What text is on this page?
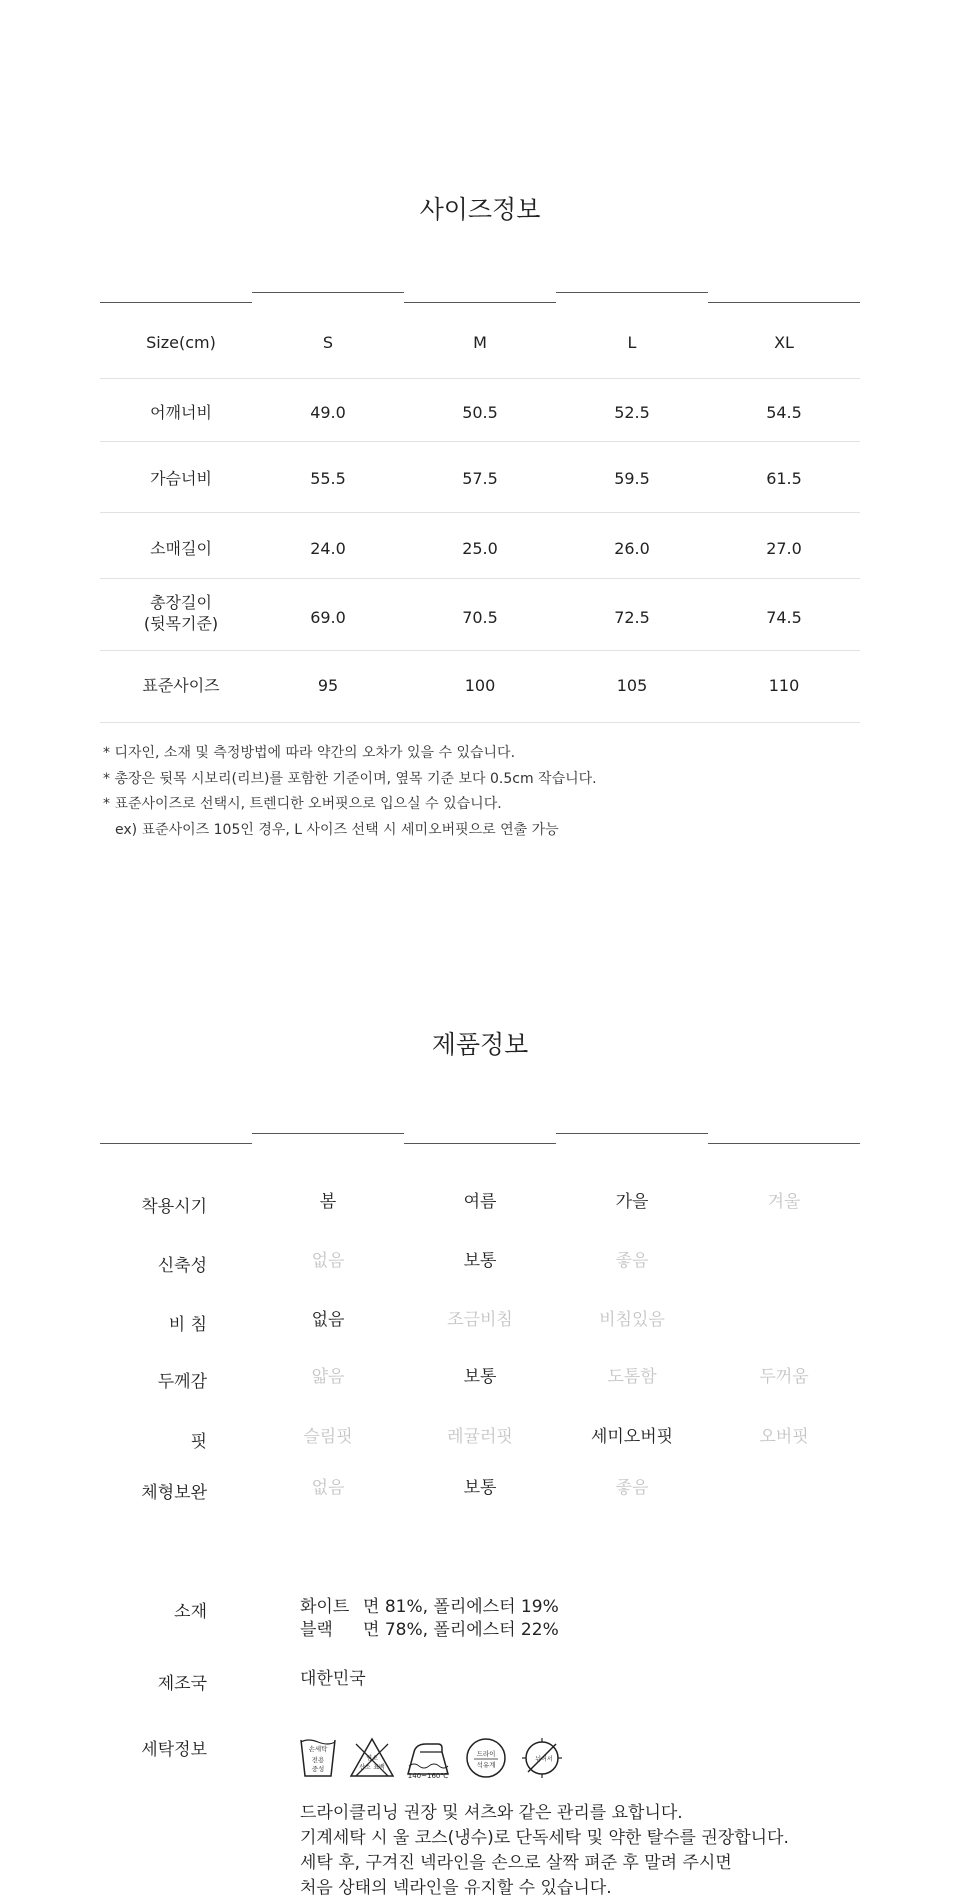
사이즈정보
Size(cm)	S	M	L	XL
어깨너비	49.0	50.5	52.5	54.5
가슴너비	55.5	57.5	59.5	61.5
소매길이	24.0	25.0	26.0	27.0
총장길이
(뒷목기준)	69.0	70.5	72.5	74.5
표준사이즈	95	100	105	110
* 디자인, 소재 및 측정방법에 따라 약간의 오차가 있을 수 있습니다.
* 총장은 뒷목 시보리(리브)를 포함한 기준이며, 옆목 기준 보다 0.5cm 작습니다.
* 표준사이즈로 선택시, 트렌디한 오버핏으로 입으실 수 있습니다.
ex) 표준사이즈 105인 경우, L 사이즈 선택 시 세미오버핏으로 연출 가능
제품정보
착용시기	봄	여름	가을	겨울
신축성	없음	보통	좋음
비 침	없음	조금비침	비침있음
두께감	얇음	보통	도톰함	두꺼움
핏	슬림핏	레귤러핏	세미오버핏	오버핏
체형보완	없음	보통	좋음
소재	화이트 면 81%, 폴리에스터 19%
블랙 면 78%, 폴리에스터 22%
제조국	대한민국
세탁정보	손세탁
전용
중성
염소
산소 표백
140~160℃
드라이
석유계
뉘어서
드라이클리닝 권장 및 셔츠와 같은 관리를 요합니다.
기계세탁 시 울 코스(냉수)로 단독세탁 및 약한 탈수를 권장합니다.
세탁 후, 구겨진 넥라인을 손으로 살짝 펴준 후 말려 주시면
처음 상태의 넥라인을 유지할 수 있습니다.
